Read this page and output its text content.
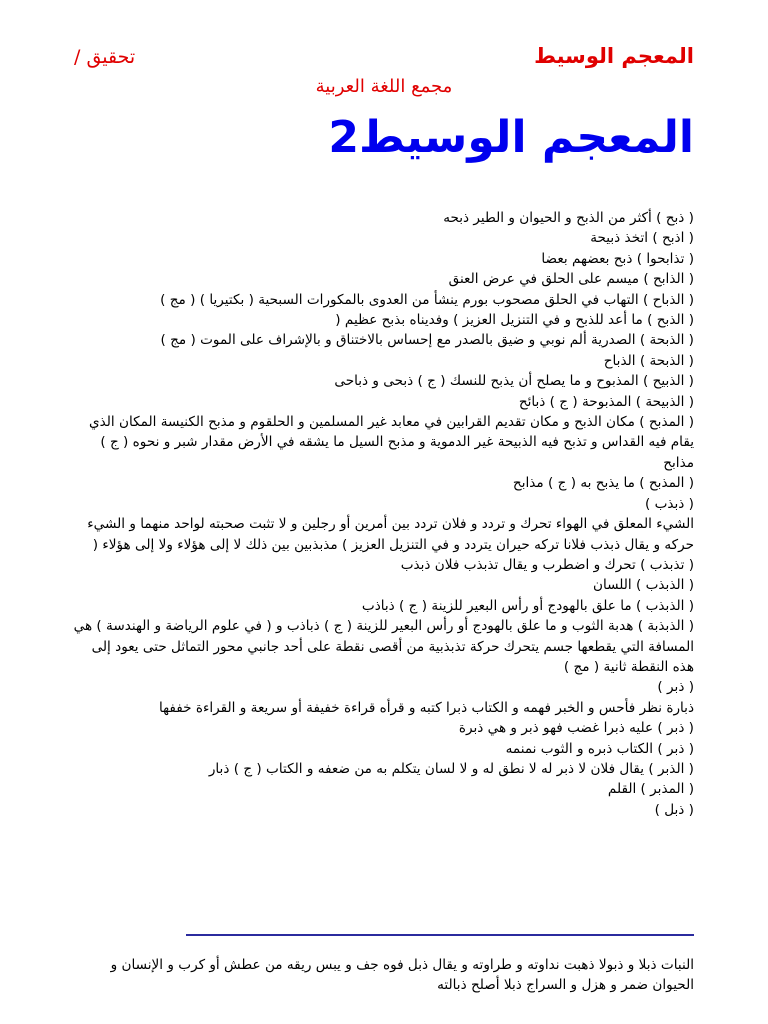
المعجم الوسيط
تحقيق /
مجمع اللغة العربية
المعجم الوسيط2
( ذبح ) أكثر من الذبح و الحيوان و الطير ذبحه
( اذبح ) اتخذ ذبيحة
( تذابحوا ) ذبح بعضهم بعضا
( الذابح ) ميسم على الحلق في عرض العنق
( الذباح ) التهاب في الحلق مصحوب بورم ينشأ من العدوى بالمكورات السبحية ( بكتيريا ) ( مج )
( الذبح ) ما أعد للذبح و في التنزيل العزيز ) وفديناه بذبح عظيم (
( الذبحة ) الصدرية ألم نوبي و ضيق بالصدر مع إحساس بالاختناق و بالإشراف على الموت ( مج )
( الذبحة ) الذباح
( الذبيح ) المذبوح و ما يصلح أن يذبح للنسك ( ج ) ذبحى و ذباحى
( الذبيحة ) المذبوحة ( ج ) ذبائح
( المذبح ) مكان الذبح و مكان تقديم القرابين في معابد غير المسلمين و الحلقوم و مذبح الكنيسة المكان الذي يقام فيه القداس و تذبح فيه الذبيحة غير الدموية و مذبح السيل ما يشقه في الأرض مقدار شبر و نحوه ( ج ) مذابح
( المذبح ) ما يذبح به ( ج ) مذابح
( ذبذب )
الشيء المعلق في الهواء تحرك و تردد و فلان تردد بين أمرين أو رجلين و لا تثبت صحبته لواحد منهما و الشيء حركه و يقال ذبذب فلانا تركه حيران يتردد و في التنزيل العزيز ) مذبذبين بين ذلك لا إلى هؤلاء ولا إلى هؤلاء (
( تذبذب ) تحرك و اضطرب و يقال تذبذب فلان ذبذب
( الذبذب ) اللسان
( الذبذب ) ما علق بالهودج أو رأس البعير للزينة ( ج ) ذباذب
( الذبذبة ) هدبة الثوب و ما علق بالهودج أو رأس البعير للزينة ( ج ) ذباذب و ( في علوم الرياضة و الهندسة ) هي المسافة التي يقطعها جسم يتحرك حركة تذبذبية من أقصى نقطة على أحد جانبي محور التماثل حتى يعود إلى هذه النقطة ثانية ( مج )
( ذبر )
ذبارة نظر فأحس و الخبر فهمه و الكتاب ذبرا كتبه و قرأه قراءة خفيفة أو سريعة و القراءة خففها
( ذبر ) عليه ذبرا غضب فهو ذبر و هي ذبرة
( ذبر ) الكتاب ذبره و الثوب نمنمه
( الذبر ) يقال فلان لا ذبر له لا نطق له و لا لسان يتكلم به من ضعفه و الكتاب ( ج ) ذبار
( المذبر ) القلم
( ذبل )
النبات ذبلا و ذبولا ذهبت نداوته و طراوته و يقال ذبل فوه جف و يبس ريقه من عطش أو كرب و الإنسان و الحيوان ضمر و هزل و السراج ذبلا أصلح ذبالته
